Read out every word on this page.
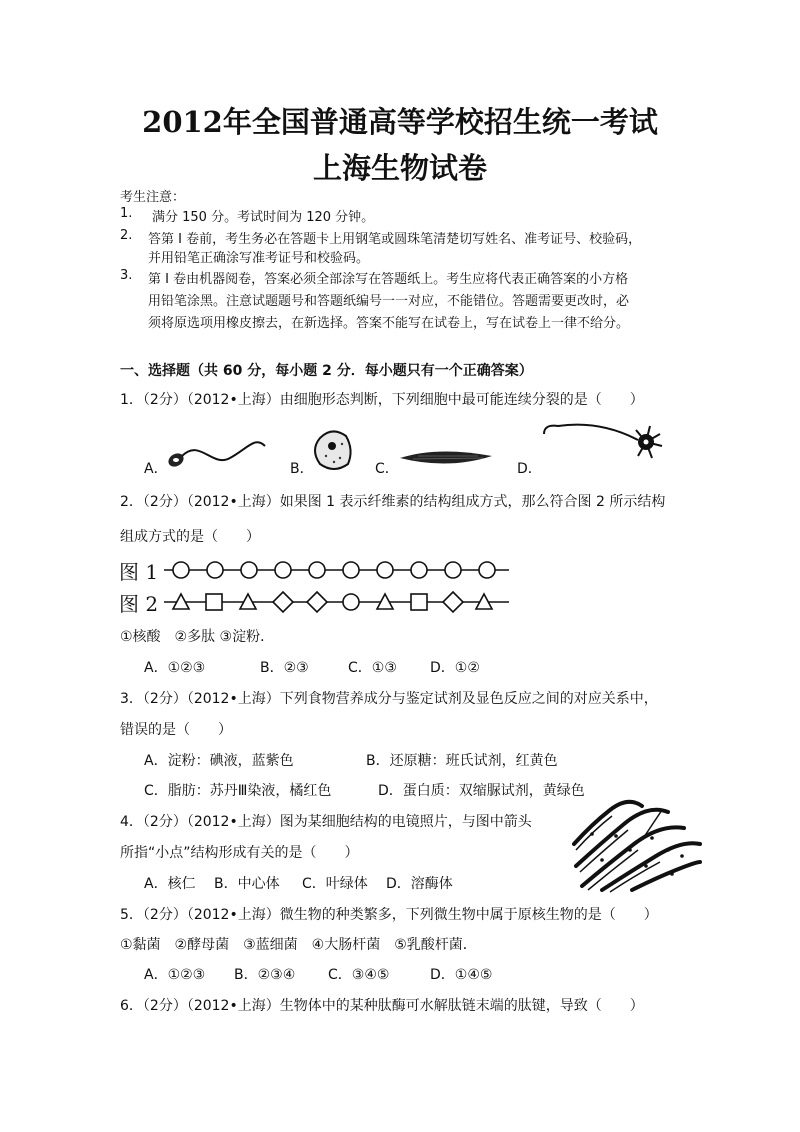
2012年全国普通高等学校招生统一考试
上海生物试卷
考生注意：
1. 满分 150 分。考试时间为 120 分钟。
2. 答第 Ⅰ 卷前，考生务必在答题卡上用钢笔或圆珠笔清楚切写姓名、准考证号、校验码，
并用铅笔正确涂写准考证号和校验码。
3. 第 Ⅰ 卷由机器阅卷，答案必须全部涂写在答题纸上。考生应将代表正确答案的小方格
用铅笔涂黑。注意试题题号和答题纸编号一一对应，不能错位。答题需要更改时，必
须将原选项用橡皮擦去，在新选择。答案不能写在试卷上，写在试卷上一律不给分。
一、选择题（共 60 分，每小题 2 分．每小题只有一个正确答案）
1．（2分）（2012•上海）由细胞形态判断，下列细胞中最可能连续分裂的是（　　）
A．	B．	C．	D．
2．（2分）（2012•上海）如果图 1 表示纤维素的结构组成方式，那么符合图 2 所示结构
组成方式的是（　　）
图 1
图 2
①核酸　②多肽 ③淀粉．
A．①②③	B．②③	C．①③ D．①②
3．（2分）（2012•上海）下列食物营养成分与鉴定试剂及显色反应之间的对应关系中，
错误的是（　　）
A．淀粉：碘液，蓝紫色	B．还原糖：班氏试剂，红黄色
C．脂肪：苏丹Ⅲ染液，橘红色	D．蛋白质：双缩脲试剂，黄绿色
4．（2分）（2012•上海）图为某细胞结构的电镜照片，与图中箭头
所指“小点”结构形成有关的是（　　）
A．核仁 B．中心体 C．叶绿体 D．溶酶体
5．（2分）（2012•上海）微生物的种类繁多，下列微生物中属于原核生物的是（　　）
①黏菌　②酵母菌　③蓝细菌　④大肠杆菌　⑤乳酸杆菌．
A．①②③ B．②③④ C．③④⑤	D．①④⑤
6．（2分）（2012•上海）生物体中的某种肽酶可水解肽链末端的肽键，导致（　　）
